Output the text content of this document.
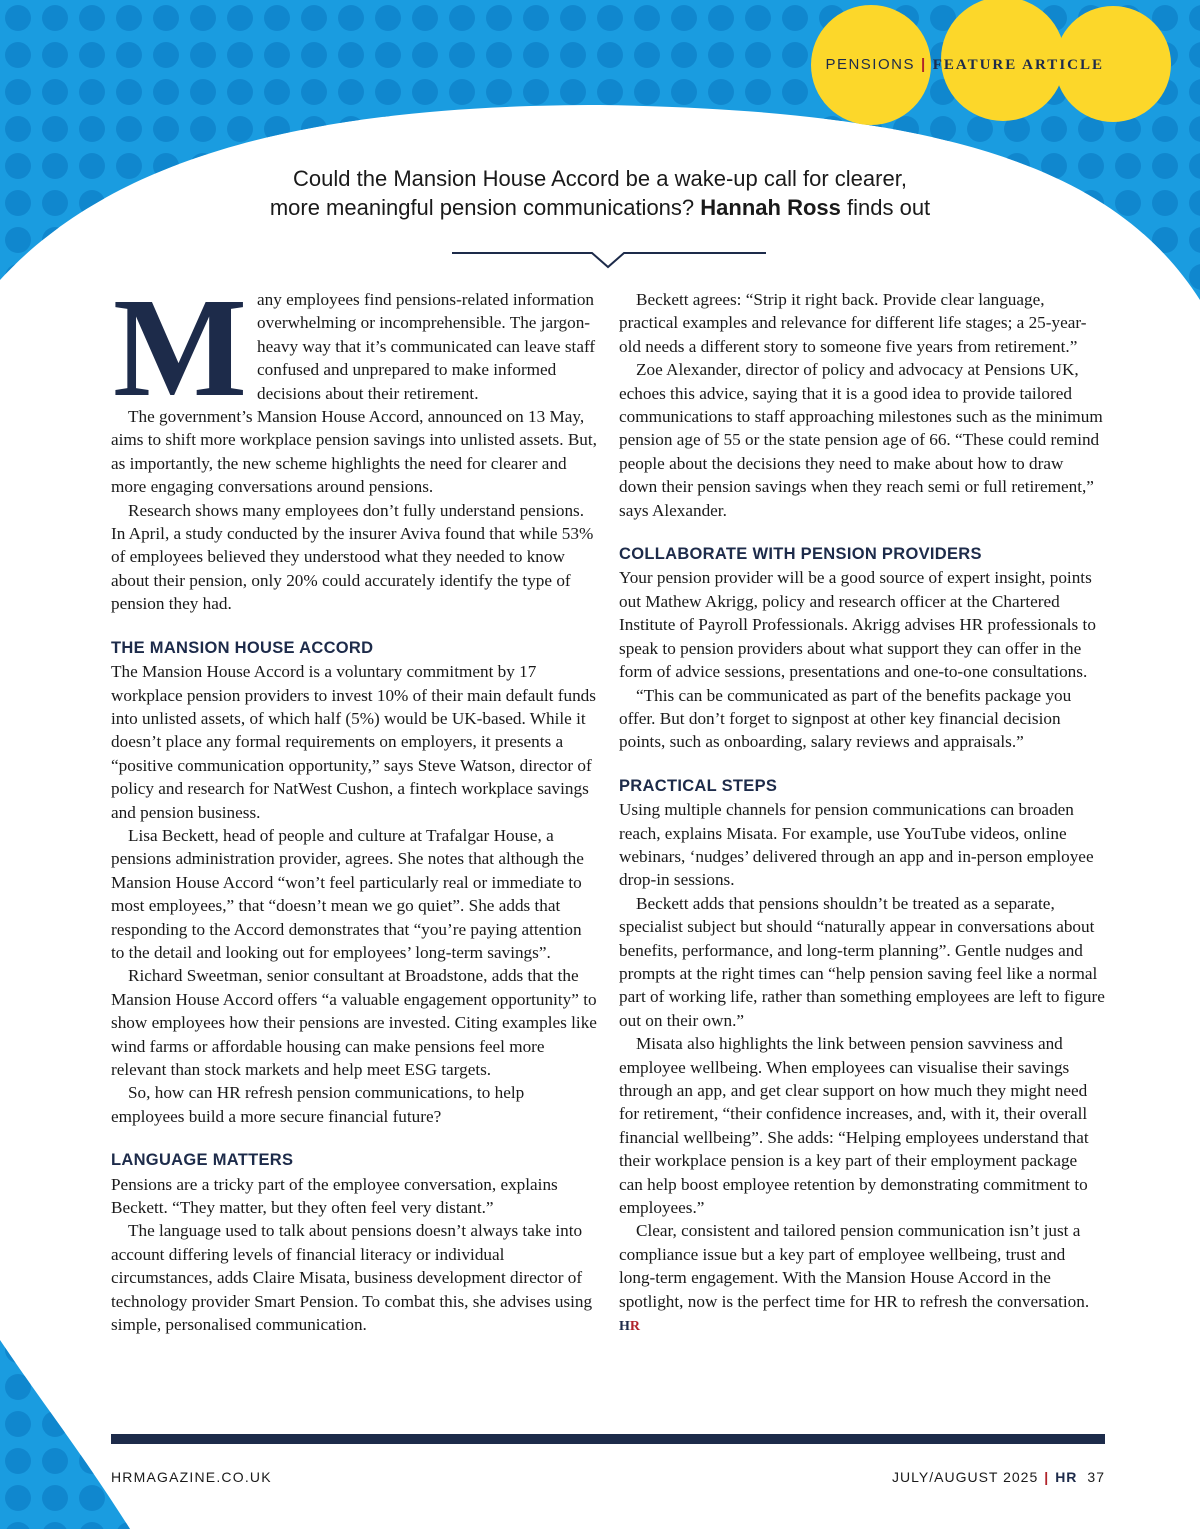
PENSIONS | FEATURE ARTICLE

Could the Mansion House Accord be a wake-up call for clearer,

more meaningful pension communications? Hannah Ross finds out

Many employees find pensions-related information overwhelming or incomprehensible. The jargon-heavy way that it’s communicated can leave staff confused and unprepared to make informed decisions about their retirement.

The government’s Mansion House Accord, announced on 13 May, aims to shift more workplace pension savings into unlisted assets. But, as importantly, the new scheme highlights the need for clearer and more engaging conversations around pensions.

Research shows many employees don’t fully understand pensions. In April, a study conducted by the insurer Aviva found that while 53% of employees believed they understood what they needed to know about their pension, only 20% could accurately identify the type of pension they had.

THE MANSION HOUSE ACCORD

The Mansion House Accord is a voluntary commitment by 17 workplace pension providers to invest 10% of their main default funds into unlisted assets, of which half (5%) would be UK-based. While it doesn’t place any formal requirements on employers, it presents a “positive communication opportunity,” says Steve Watson, director of policy and research for NatWest Cushon, a fintech workplace savings and pension business.

Lisa Beckett, head of people and culture at Trafalgar House, a pensions administration provider, agrees. She notes that although the Mansion House Accord “won’t feel particularly real or immediate to most employees,” that “doesn’t mean we go quiet”. She adds that responding to the Accord demonstrates that “you’re paying attention to the detail and looking out for employees’ long-term savings”.

Richard Sweetman, senior consultant at Broadstone, adds that the Mansion House Accord offers “a valuable engagement opportunity” to show employees how their pensions are invested. Citing examples like wind farms or affordable housing can make pensions feel more relevant than stock markets and help meet ESG targets.

So, how can HR refresh pension communications, to help employees build a more secure financial future?

LANGUAGE MATTERS

Pensions are a tricky part of the employee conversation, explains Beckett. “They matter, but they often feel very distant.”

The language used to talk about pensions doesn’t always take into account differing levels of financial literacy or individual circumstances, adds Claire Misata, business development director of technology provider Smart Pension. To combat this, she advises using simple, personalised communication.

Beckett agrees: “Strip it right back. Provide clear language, practical examples and relevance for different life stages; a 25-year-old needs a different story to someone five years from retirement.”

Zoe Alexander, director of policy and advocacy at Pensions UK, echoes this advice, saying that it is a good idea to provide tailored communications to staff approaching milestones such as the minimum pension age of 55 or the state pension age of 66. “These could remind people about the decisions they need to make about how to draw down their pension savings when they reach semi or full retirement,” says Alexander.

COLLABORATE WITH PENSION PROVIDERS

Your pension provider will be a good source of expert insight, points out Mathew Akrigg, policy and research officer at the Chartered Institute of Payroll Professionals. Akrigg advises HR professionals to speak to pension providers about what support they can offer in the form of advice sessions, presentations and one-to-one consultations.

“This can be communicated as part of the benefits package you offer. But don’t forget to signpost at other key financial decision points, such as onboarding, salary reviews and appraisals.”

PRACTICAL STEPS

Using multiple channels for pension communications can broaden reach, explains Misata. For example, use YouTube videos, online webinars, ‘nudges’ delivered through an app and in-person employee drop-in sessions.

Beckett adds that pensions shouldn’t be treated as a separate, specialist subject but should “naturally appear in conversations about benefits, performance, and long-term planning”. Gentle nudges and prompts at the right times can “help pension saving feel like a normal part of working life, rather than something employees are left to figure out on their own.”

Misata also highlights the link between pension savviness and employee wellbeing. When employees can visualise their savings through an app, and get clear support on how much they might need for retirement, “their confidence increases, and, with it, their overall financial wellbeing”. She adds: “Helping employees understand that their workplace pension is a key part of their employment package can help boost employee retention by demonstrating commitment to employees.”

Clear, consistent and tailored pension communication isn’t just a compliance issue but a key part of employee wellbeing, trust and long-term engagement. With the Mansion House Accord in the spotlight, now is the perfect time for HR to refresh the conversation. HR

HRMAGAZINE.CO.UK	JULY/AUGUST 2025 | HR 37
